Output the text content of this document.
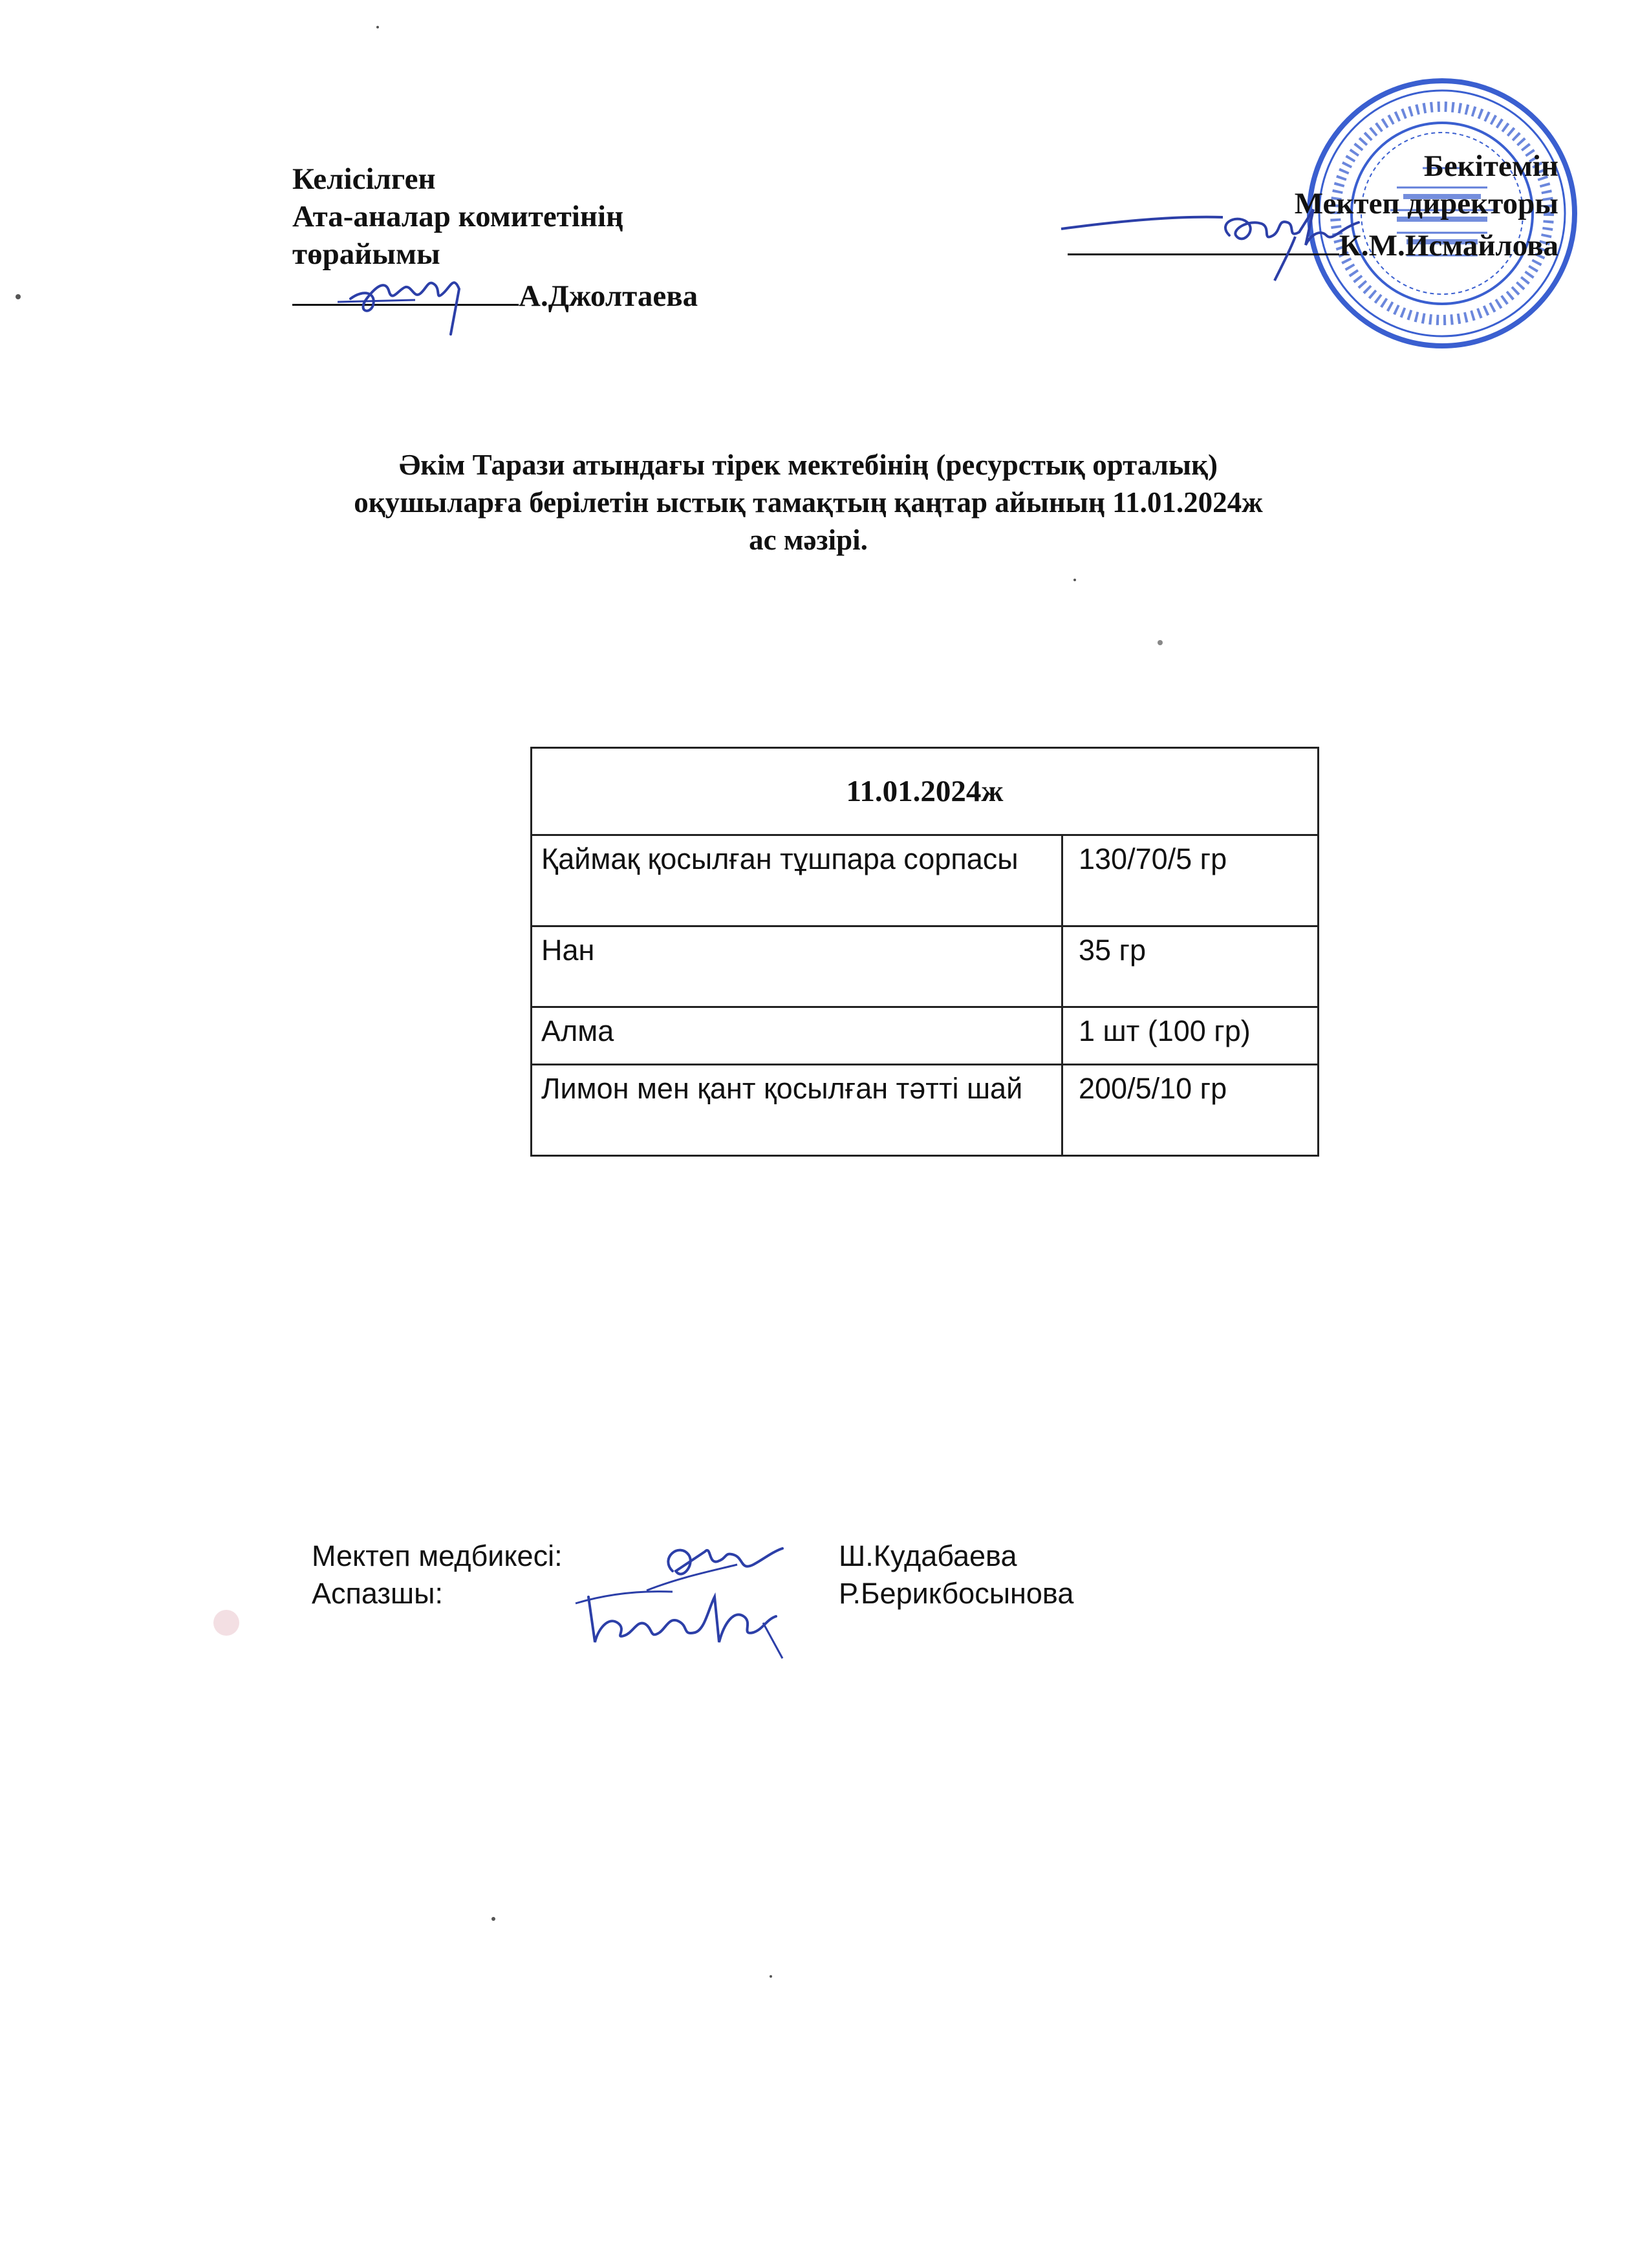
Келісілген
Ата-аналар комитетінің
төрайымы
А.Джолтаева
Бекітемін
Мектеп директоры
К.М.Исмайлова
Әкім Тарази атындағы тірек мектебінің (ресурстық орталық)
оқушыларға берілетін ыстық тамақтың қаңтар айының 11.01.2024ж
ас мәзірі.
11.01.2024ж	
Қаймақ қосылған тұшпара сорпасы	130/70/5 гр
Нан	35 гр
Алма	1 шт (100 гр)
Лимон мен қант қосылған тәтті шай	200/5/10 гр
Мектеп медбикесі:	Ш.Кудабаева
Аспазшы:	Р.Берикбосынова
